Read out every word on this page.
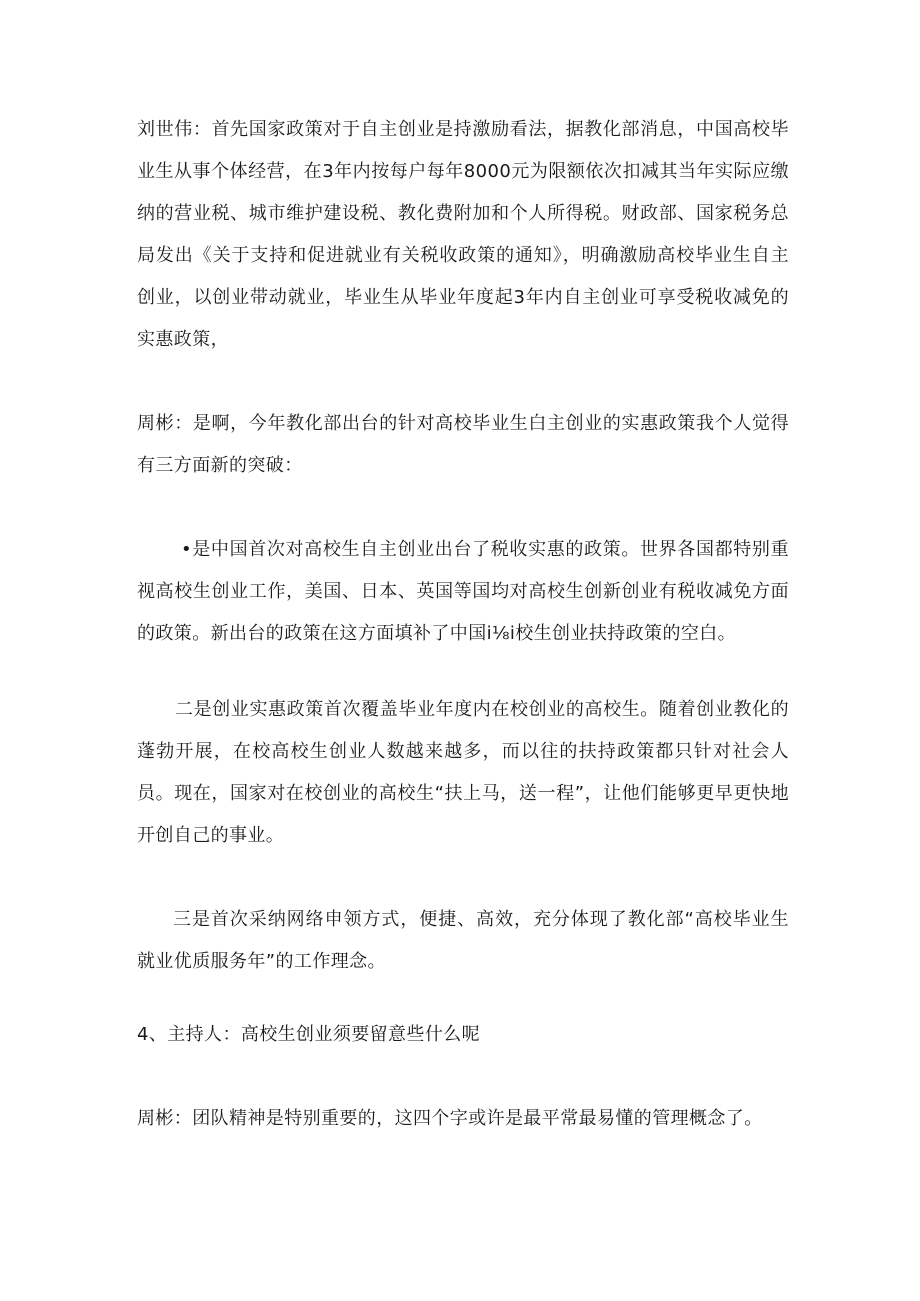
刘世伟：首先国家政策对于自主创业是持激励看法，据教化部消息，中国高校毕业生从事个体经营，在3年内按每户每年8000元为限额依次扣减其当年实际应缴纳的营业税、城市维护建设税、教化费附加和个人所得税。财政部、国家税务总局发出《关于支持和促进就业有关税收政策的通知》，明确激励高校毕业生自主创业，以创业带动就业，毕业生从毕业年度起3年内自主创业可享受税收减免的实惠政策，

周彬：是啊，今年教化部出台的针对高校毕业生白主创业的实惠政策我个人觉得有三方面新的突破：

•是中国首次对高校生自主创业出台了税收实惠的政策。世界各国都特别重视高校生创业工作，美国、日本、英国等国均对高校生创新创业有税收减免方面的政策。新出台的政策在这方面填补了中国i⅛i校生创业扶持政策的空白。

二是创业实惠政策首次覆盖毕业年度内在校创业的高校生。随着创业教化的蓬勃开展，在校高校生创业人数越来越多，而以往的扶持政策都只针对社会人员。现在，国家对在校创业的高校生“扶上马，送一程”，让他们能够更早更快地开创自己的事业。

三是首次采纳网络申领方式，便捷、高效，充分体现了教化部“高校毕业生就业优质服务年”的工作理念。

4、主持人：高校生创业须要留意些什么呢

周彬：团队精神是特别重要的，这四个字或许是最平常最易懂的管理概念了。
